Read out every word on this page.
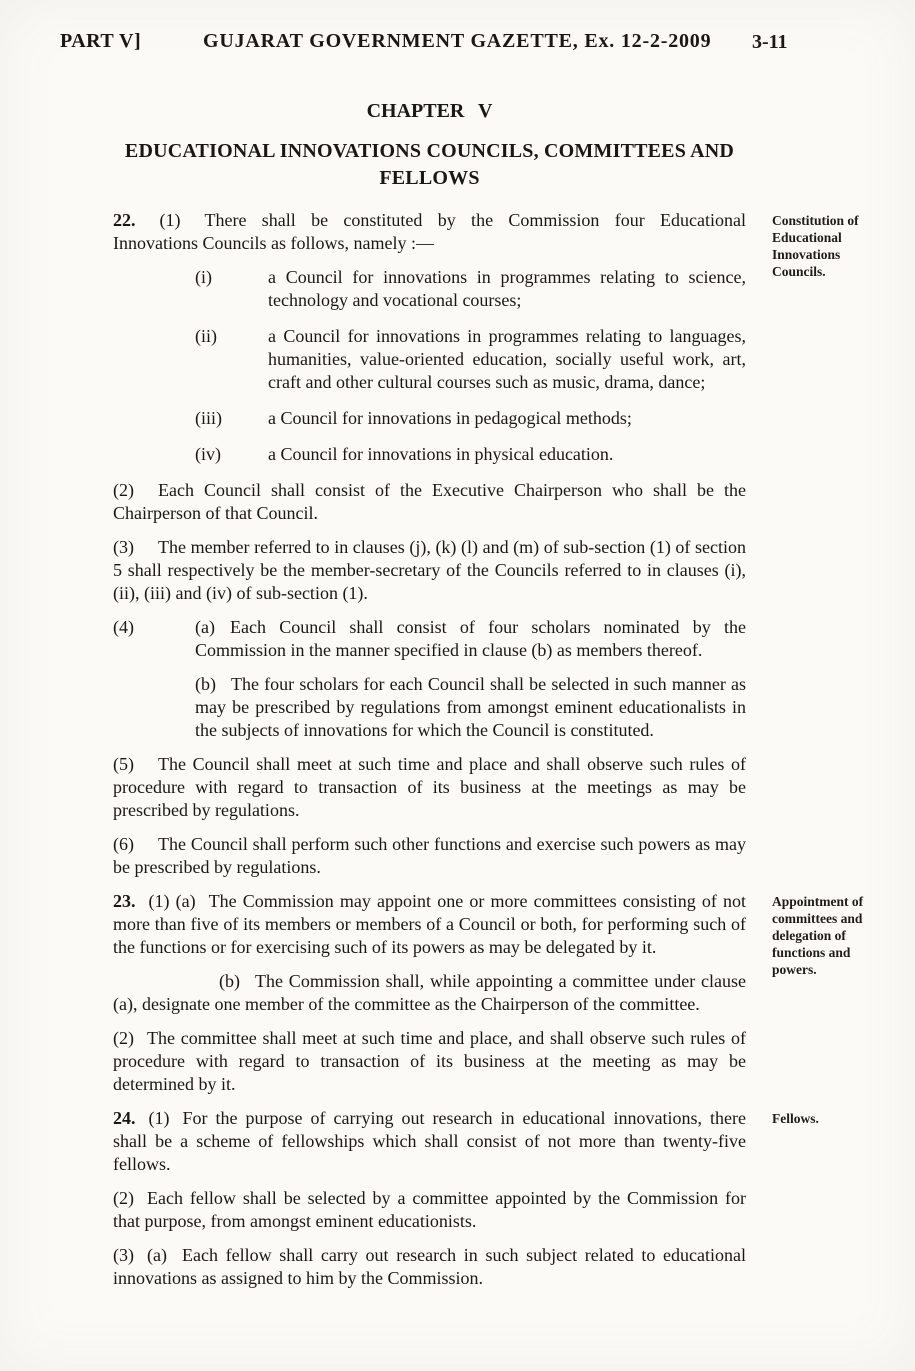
PART V]	GUJARAT GOVERNMENT GAZETTE, Ex. 12-2-2009 3-11
CHAPTER V
EDUCATIONAL INNOVATIONS COUNCILS, COMMITTEES AND
FELLOWS
Constitution of Educational Innovations Councils.

22. (1) There shall be constituted by the Commission four Educational Innovations Councils as follows, namely :—

(i)	a Council for innovations in programmes relating to science, technology and vocational courses;
(ii)	a Council for innovations in programmes relating to languages, humanities, value-oriented education, socially useful work, art, craft and other cultural courses such as music, drama, dance;
(iii)	a Council for innovations in pedagogical methods;
(iv)	a Council for innovations in physical education.

(2) Each Council shall consist of the Executive Chairperson who shall be the Chairperson of that Council.

(3) The member referred to in clauses (j), (k) (l) and (m) of sub-section (1) of section 5 shall respectively be the member-secretary of the Councils referred to in clauses (i), (ii), (iii) and (iv) of sub-section (1).

(4)	(a) Each Council shall consist of four scholars nominated by the Commission in the manner specified in clause (b) as members thereof.

(b) The four scholars for each Council shall be selected in such manner as may be prescribed by regulations from amongst eminent educationalists in the subjects of innovations for which the Council is constituted.

(5) The Council shall meet at such time and place and shall observe such rules of procedure with regard to transaction of its business at the meetings as may be prescribed by regulations.

(6) The Council shall perform such other functions and exercise such powers as may be prescribed by regulations.

Appointment of committees and delegation of functions and powers.

23. (1) (a) The Commission may appoint one or more committees consisting of not more than five of its members or members of a Council or both, for performing such of the functions or for exercising such of its powers as may be delegated by it.

(b) The Commission shall, while appointing a committee under clause (a), designate one member of the committee as the Chairperson of the committee.

(2) The committee shall meet at such time and place, and shall observe such rules of procedure with regard to transaction of its business at the meeting as may be determined by it.

Fellows.

24. (1) For the purpose of carrying out research in educational innovations, there shall be a scheme of fellowships which shall consist of not more than twenty-five fellows.

(2) Each fellow shall be selected by a committee appointed by the Commission for that purpose, from amongst eminent educationists.

(3) (a) Each fellow shall carry out research in such subject related to educational innovations as assigned to him by the Commission.
